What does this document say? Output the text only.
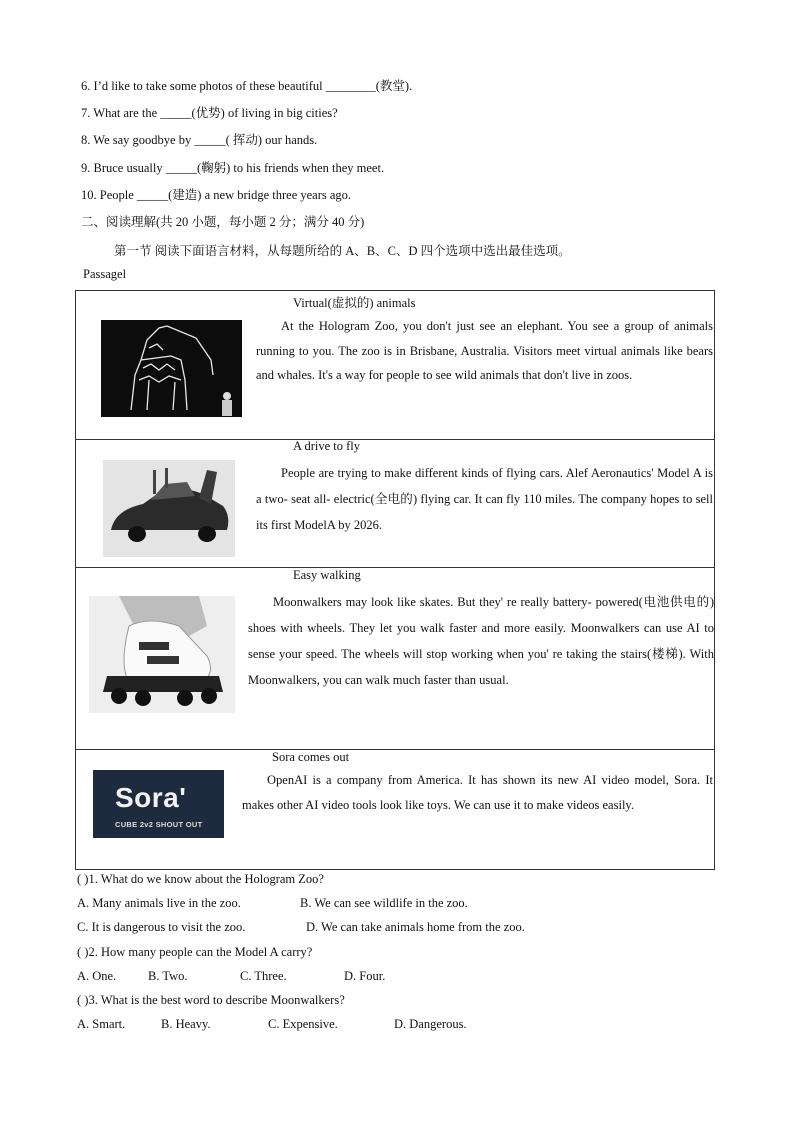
6. I’d like to take some photos of these beautiful ________(教堂).
7. What are the _____(优势) of living in big cities?
8. We say goodbye by _____( 挥动) our hands.
9. Bruce usually _____(鞠躬) to his friends when they meet.
10. People _____(建造) a new bridge three years ago.
二、阅读理解(共 20 小题，每小题 2 分；满分 40 分)
第一节 阅读下面语言材料，从每题所给的 A、B、C、D 四个选项中选出最佳选项。
Passagel
Virtual(虚拟的) animals
At the Hologram Zoo, you don't just see an elephant. You see a group of animals running to you. The zoo is in Brisbane, Australia. Visitors meet virtual animals like bears and whales. It's a way for people to see wild animals that don't live in zoos.
A drive to fly
People are trying to make different kinds of flying cars. Alef Aeronautics' Model A is a two- seat all- electric(全电的) flying car. It can fly 110 miles. The company hopes to sell its first ModelA by 2026.
Easy walking
Moonwalkers may look like skates. But they' re really battery- powered(电池供电的) shoes with wheels. They let you walk faster and more easily. Moonwalkers can use AI to sense your speed. The wheels will stop working when you' re taking the stairs(楼梯). With Moonwalkers, you can walk much faster than usual.
Sora comes out
Sora'
CUBE 2v2 SHOUT OUT
OpenAI is a company from America. It has shown its new AI video model, Sora. It makes other AI video tools look like toys. We can use it to make videos easily.
( )1. What do we know about the Hologram Zoo?
A. Many animals live in the zoo.	B. We can see wildlife in the zoo.
C. It is dangerous to visit the zoo.	D. We can take animals home from the zoo.
( )2. How many people can the Model A carry?
A. One.	B. Two.	C. Three.	D. Four.
( )3. What is the best word to describe Moonwalkers?
A. Smart.	B. Heavy.	C. Expensive.	D. Dangerous.
